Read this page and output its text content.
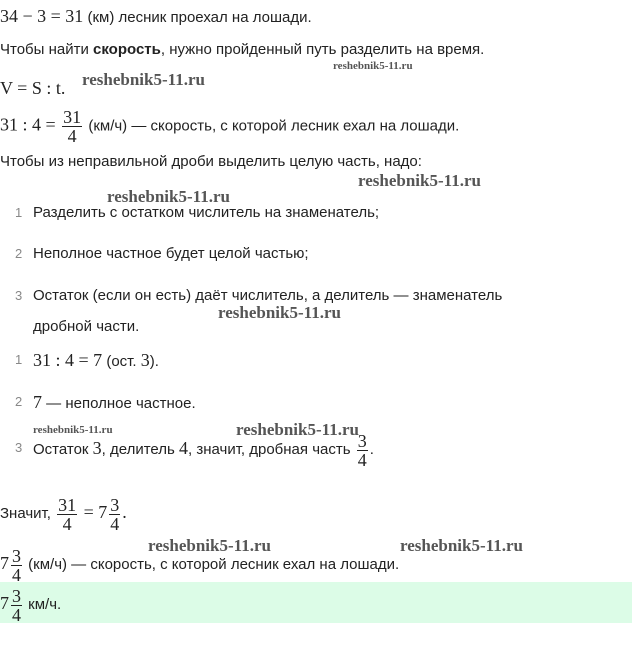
34 − 3 = 31 (км) лесник проехал на лошади.
Чтобы найти скорость, нужно пройденный путь разделить на время.
V = S : t.
31 : $4 = \frac{31}{4} (км/ч)$ — скорость, с которой лесник ехал на лошади.
Чтобы из неправильной дроби выделить целую часть, надо:
1 Разделить с остатком числитель на знаменатель;
2 Неполное частное будет целой частью;
3 Остаток (если он есть) даёт числитель, а делитель — знаменатель
дробной части.
1 31 : 4 = 7 (ост. 3).
2 7 — неполное частное.
3 Остаток 3, делитель 4, значит, дробная часть $\frac{3}{4}$ .
Значит, $\frac{31}{4} = 7 \frac{3}{4}$ .
$7 \frac{3}{4} (км/ч)$ — скорость, с которой лесник ехал на лошади.
$7 \frac{3}{4} км/ч$.
reshebnik5-11.ru
reshebnik5-11.ru
reshebnik5-11.ru
reshebnik5-11.ru
reshebnik5-11.ru
reshebnik5-11.ru	reshebnik5-11.ru
reshebnik5-11.ru	reshebnik5-11.ru
